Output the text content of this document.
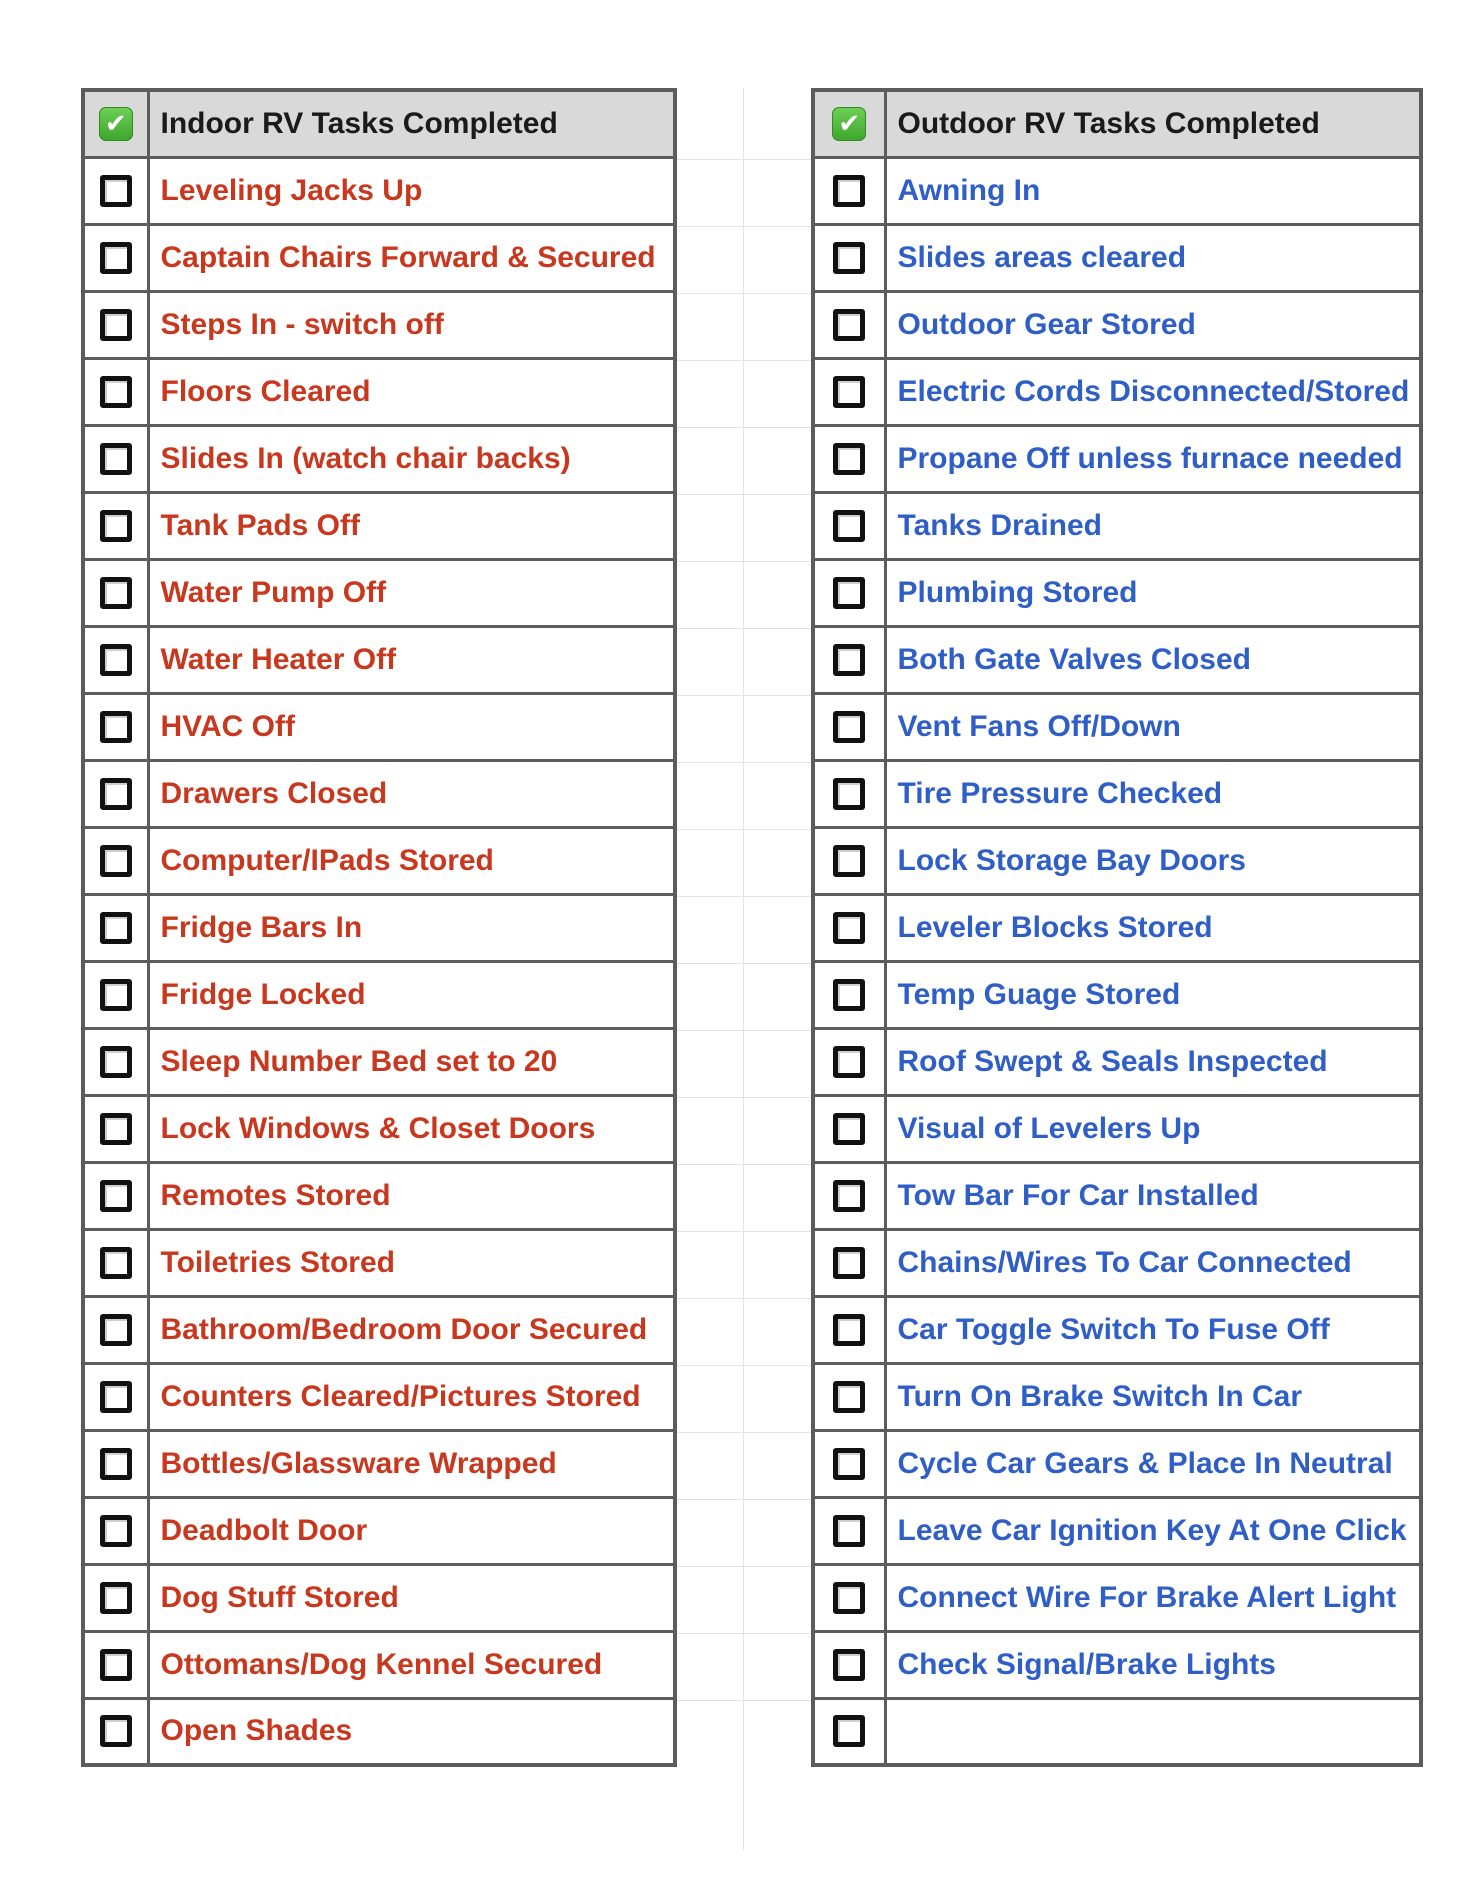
✔	Indoor RV Tasks Completed
	Leveling Jacks Up
	Captain Chairs Forward & Secured
	Steps In - switch off
	Floors Cleared
	Slides In (watch chair backs)
	Tank Pads Off
	Water Pump Off
	Water Heater Off
	HVAC Off
	Drawers Closed
	Computer/IPads Stored
	Fridge Bars In
	Fridge Locked
	Sleep Number Bed set to 20
	Lock Windows & Closet Doors
	Remotes Stored
	Toiletries Stored
	Bathroom/Bedroom Door Secured
	Counters Cleared/Pictures Stored
	Bottles/Glassware Wrapped
	Deadbolt Door
	Dog Stuff Stored
	Ottomans/Dog Kennel Secured
	Open Shades
✔	Outdoor RV Tasks Completed
	Awning In
	Slides areas cleared
	Outdoor Gear Stored
	Electric Cords Disconnected/Stored
	Propane Off unless furnace needed
	Tanks Drained
	Plumbing Stored
	Both Gate Valves Closed
	Vent Fans Off/Down
	Tire Pressure Checked
	Lock Storage Bay Doors
	Leveler Blocks Stored
	Temp Guage Stored
	Roof Swept & Seals Inspected
	Visual of Levelers Up
	Tow Bar For Car Installed
	Chains/Wires To Car Connected
	Car Toggle Switch To Fuse Off
	Turn On Brake Switch In Car
	Cycle Car Gears & Place In Neutral
	Leave Car Ignition Key At One Click
	Connect Wire For Brake Alert Light
	Check Signal/Brake Lights
